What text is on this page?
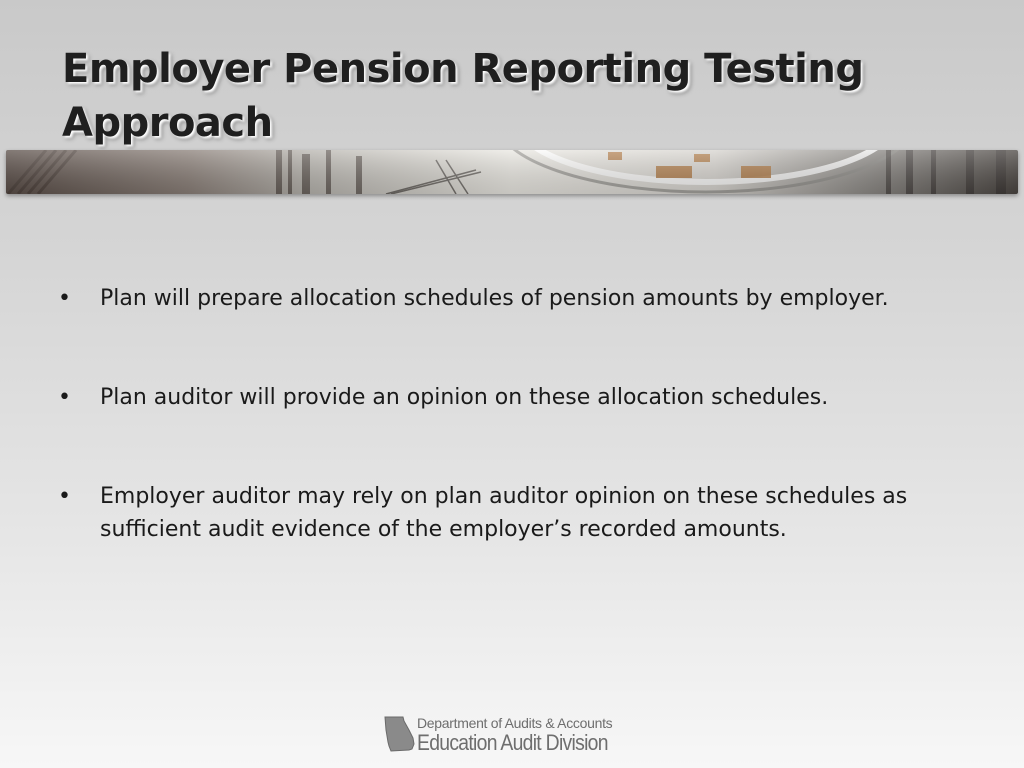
Employer Pension Reporting Testing Approach
• Plan will prepare allocation schedules of pension amounts by employer.
• Plan auditor will provide an opinion on these allocation schedules.
• Employer auditor may rely on plan auditor opinion on these schedules as sufficient audit evidence of the employer’s recorded amounts.
Department of Audits & Accounts
Education Audit Division
